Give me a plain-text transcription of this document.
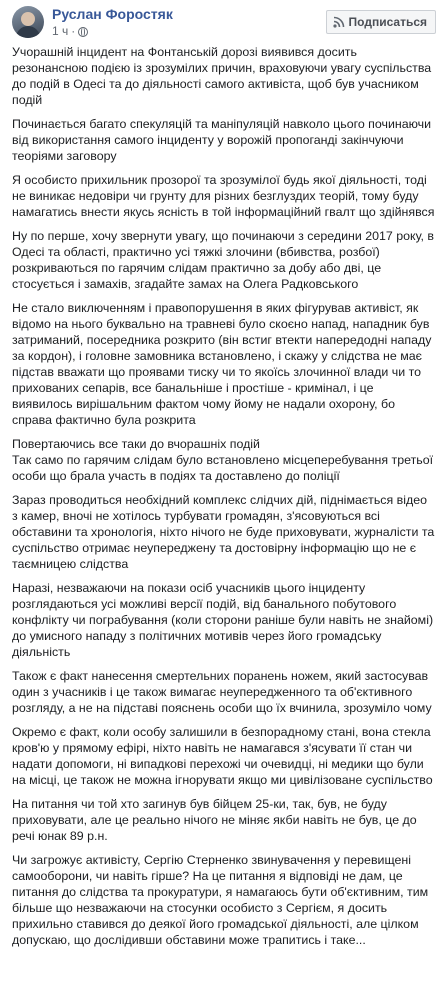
Руслан Форостяк
1 ч ·
Подписаться

Учорашній інцидент на Фонтанській дорозі виявився досить резонансною подією із зрозумілих причин, враховуючи увагу суспільства до подій в Одесі та до діяльності самого активіста, щоб був учасником подій

Починається багато спекуляцій та маніпуляцій навколо цього починаючи від використання самого інциденту у ворожій пропогандi закінчуючи теоріями заговору

Я особисто прихильник прозорої та зрозумілої будь якої діяльності, тоді не виникає недовіри чи грунту для різних безглуздих теорій, тому буду намагатись внести якусь ясність в той інформаційний гвалт що здійнявся

Ну по перше, хочу звернути увагу, що починаючи з середини 2017 року, в Одесі та області, практично усі тяжкі злочини (вбивства, розбої) розкриваються по гарячим слідам практично за добу або дві, це стосується і замахів, згадайте замах на Олега Радковського

Не стало виключенням і правопорушення в яких фігурував активіст, як відомо на нього буквально на травневі було скоєно напад, нападник був затриманий, посередника розкрито (він встиг втекти напередодні нападу за кордон), і головне замовника встановлено, і скажу у слідства не має підстав вважати що проявами тиску чи то якоїсь злочинної влади чи то прихованих сепарів, все банальніше і простіше - кримінал, і це виявилось вирішальним фактом чому йому не надали охорону, бо справа фактично була розкрита

Повертаючись все таки до вчорашніх подій
Так само по гарячим слідам було встановлено місцеперебування третьої особи що брала участь в подіях та доставлено до поліції

Зараз проводиться необхідний комплекс слідчих дій, піднімається відео з камер, вночі не хотілось турбувати громадян, з'ясовуються всі обставини та хронологія, ніхто нічого не буде приховувати, журналісти та суспільство отримає неупереджену та достовірну інформацію що не є таємницею слідства

Наразі, незважаючи на покази осіб учасників цього інциденту розглядаються усі можливі версії подій, від банального побутового конфлікту чи пограбування (коли сторони раніше були навіть не знайомі) до умисного нападу з політичних мотивів через його громадську діяльність

Також є факт нанесення смертельних поранень ножем, який застосував один з учасників і це також вимагає неупередженного та об'єктивного розгляду, а не на підставі пояснень особи що їх вчинила, зрозуміло чому

Окремо є факт, коли особу залишили в безпорадному стані, вона стекла кров'ю у прямому ефірі, ніхто навіть не намагався з'ясувати її стан чи надати допомоги, ні випадкові перехожі чи очевидці, ні медики що були на місці, це також не можна ігнорувати якщо ми цивілізоване суспільство

На питання чи той хто загинув був бійцем 25-ки, так, був, не буду приховувати, але це реально нічого не міняє якби навіть не був, це до речі юнак 89 р.н.

Чи загрожує активісту, Сергію Стерненко звинувачення у перевищені самооборони, чи навіть гірше? На це питання я відповіді не дам, це питання до слідства та прокуратури, я намагаюсь бути об'єктивним, тим більше що незважаючи на стосунки особисто з Сергієм, я досить прихильно ставився до деякої його громадської діяльності, але цілком допускаю, що дослідивши обставини може трапитись і таке...
